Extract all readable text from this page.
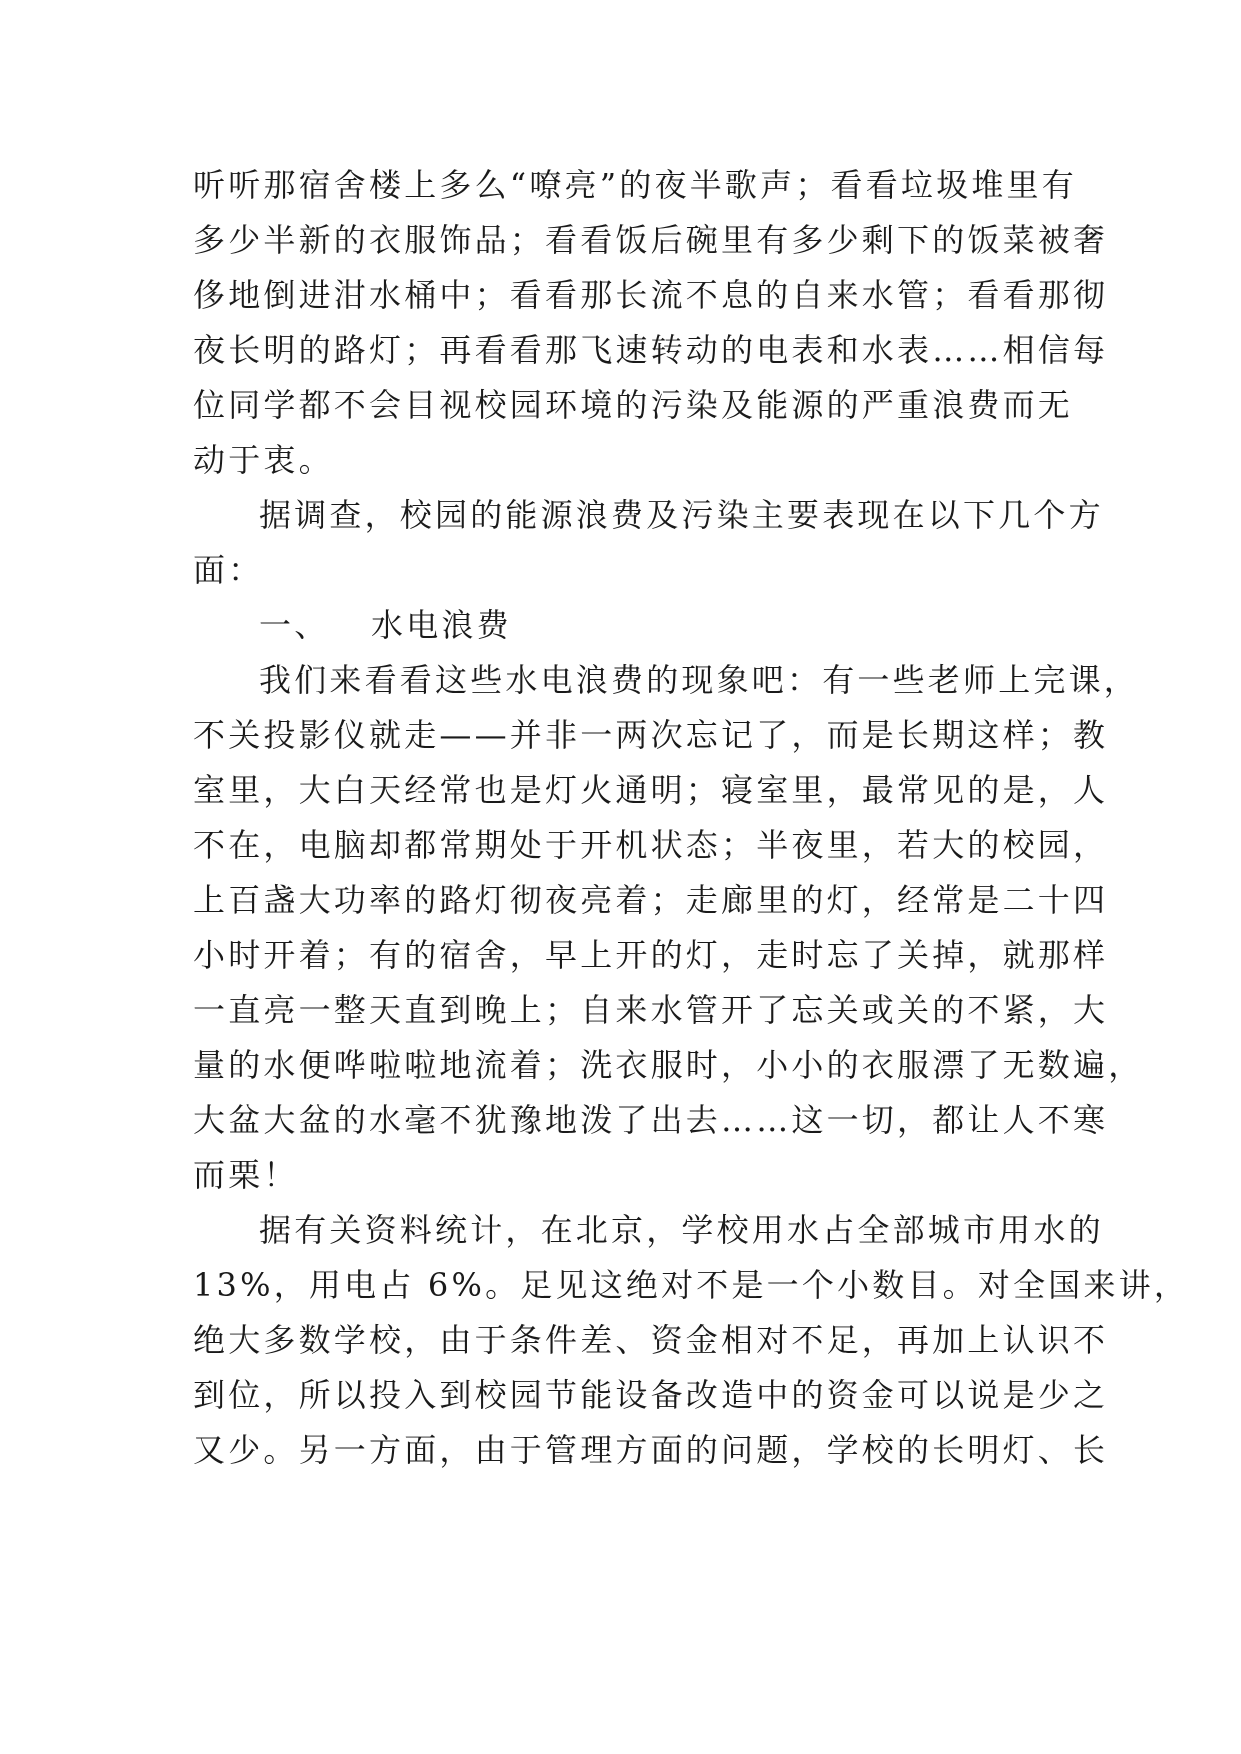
听听那宿舍楼上多么“嘹亮”的夜半歌声；看看垃圾堆里有
多少半新的衣服饰品；看看饭后碗里有多少剩下的饭菜被奢
侈地倒进泔水桶中；看看那长流不息的自来水管；看看那彻
夜长明的路灯；再看看那飞速转动的电表和水表……相信每
位同学都不会目视校园环境的污染及能源的严重浪费而无
动于衷。
据调查，校园的能源浪费及污染主要表现在以下几个方
面：
一、 水电浪费
我们来看看这些水电浪费的现象吧：有一些老师上完课，
不关投影仪就走——并非一两次忘记了，而是长期这样；教
室里，大白天经常也是灯火通明；寝室里，最常见的是，人
不在，电脑却都常期处于开机状态；半夜里，若大的校园，
上百盏大功率的路灯彻夜亮着；走廊里的灯，经常是二十四
小时开着；有的宿舍，早上开的灯，走时忘了关掉，就那样
一直亮一整天直到晚上；自来水管开了忘关或关的不紧，大
量的水便哗啦啦地流着；洗衣服时，小小的衣服漂了无数遍，
大盆大盆的水毫不犹豫地泼了出去……这一切，都让人不寒
而栗！
据有关资料统计，在北京，学校用水占全部城市用水的
13%，用电占 6%。足见这绝对不是一个小数目。对全国来讲，
绝大多数学校，由于条件差、资金相对不足，再加上认识不
到位，所以投入到校园节能设备改造中的资金可以说是少之
又少。另一方面，由于管理方面的问题，学校的长明灯、长
